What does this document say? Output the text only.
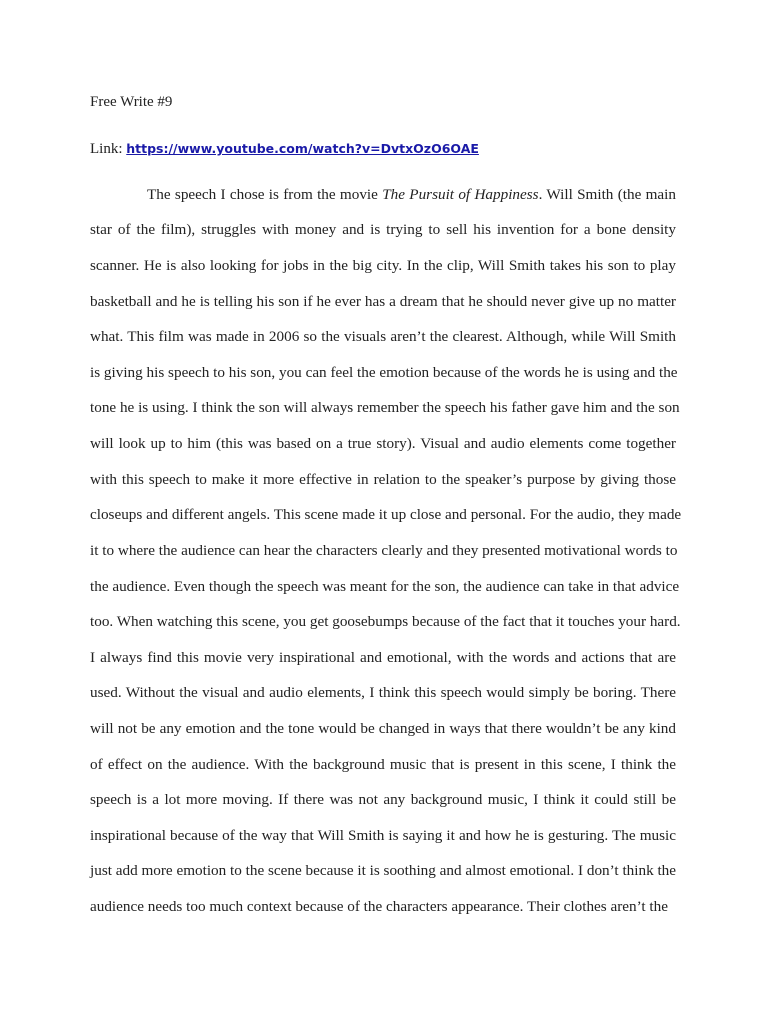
Free Write #9
Link: https://www.youtube.com/watch?v=DvtxOzO6OAE
The speech I chose is from the movie The Pursuit of Happiness. Will Smith (the main
star of the film), struggles with money and is trying to sell his invention for a bone density
scanner. He is also looking for jobs in the big city. In the clip, Will Smith takes his son to play
basketball and he is telling his son if he ever has a dream that he should never give up no matter
what. This film was made in 2006 so the visuals aren’t the clearest. Although, while Will Smith
is giving his speech to his son, you can feel the emotion because of the words he is using and the
tone he is using. I think the son will always remember the speech his father gave him and the son
will look up to him (this was based on a true story). Visual and audio elements come together
with this speech to make it more effective in relation to the speaker’s purpose by giving those
closeups and different angels. This scene made it up close and personal. For the audio, they made
it to where the audience can hear the characters clearly and they presented motivational words to
the audience. Even though the speech was meant for the son, the audience can take in that advice
too. When watching this scene, you get goosebumps because of the fact that it touches your hard.
I always find this movie very inspirational and emotional, with the words and actions that are
used. Without the visual and audio elements, I think this speech would simply be boring. There
will not be any emotion and the tone would be changed in ways that there wouldn’t be any kind
of effect on the audience. With the background music that is present in this scene, I think the
speech is a lot more moving. If there was not any background music, I think it could still be
inspirational because of the way that Will Smith is saying it and how he is gesturing. The music
just add more emotion to the scene because it is soothing and almost emotional. I don’t think the
audience needs too much context because of the characters appearance. Their clothes aren’t the
